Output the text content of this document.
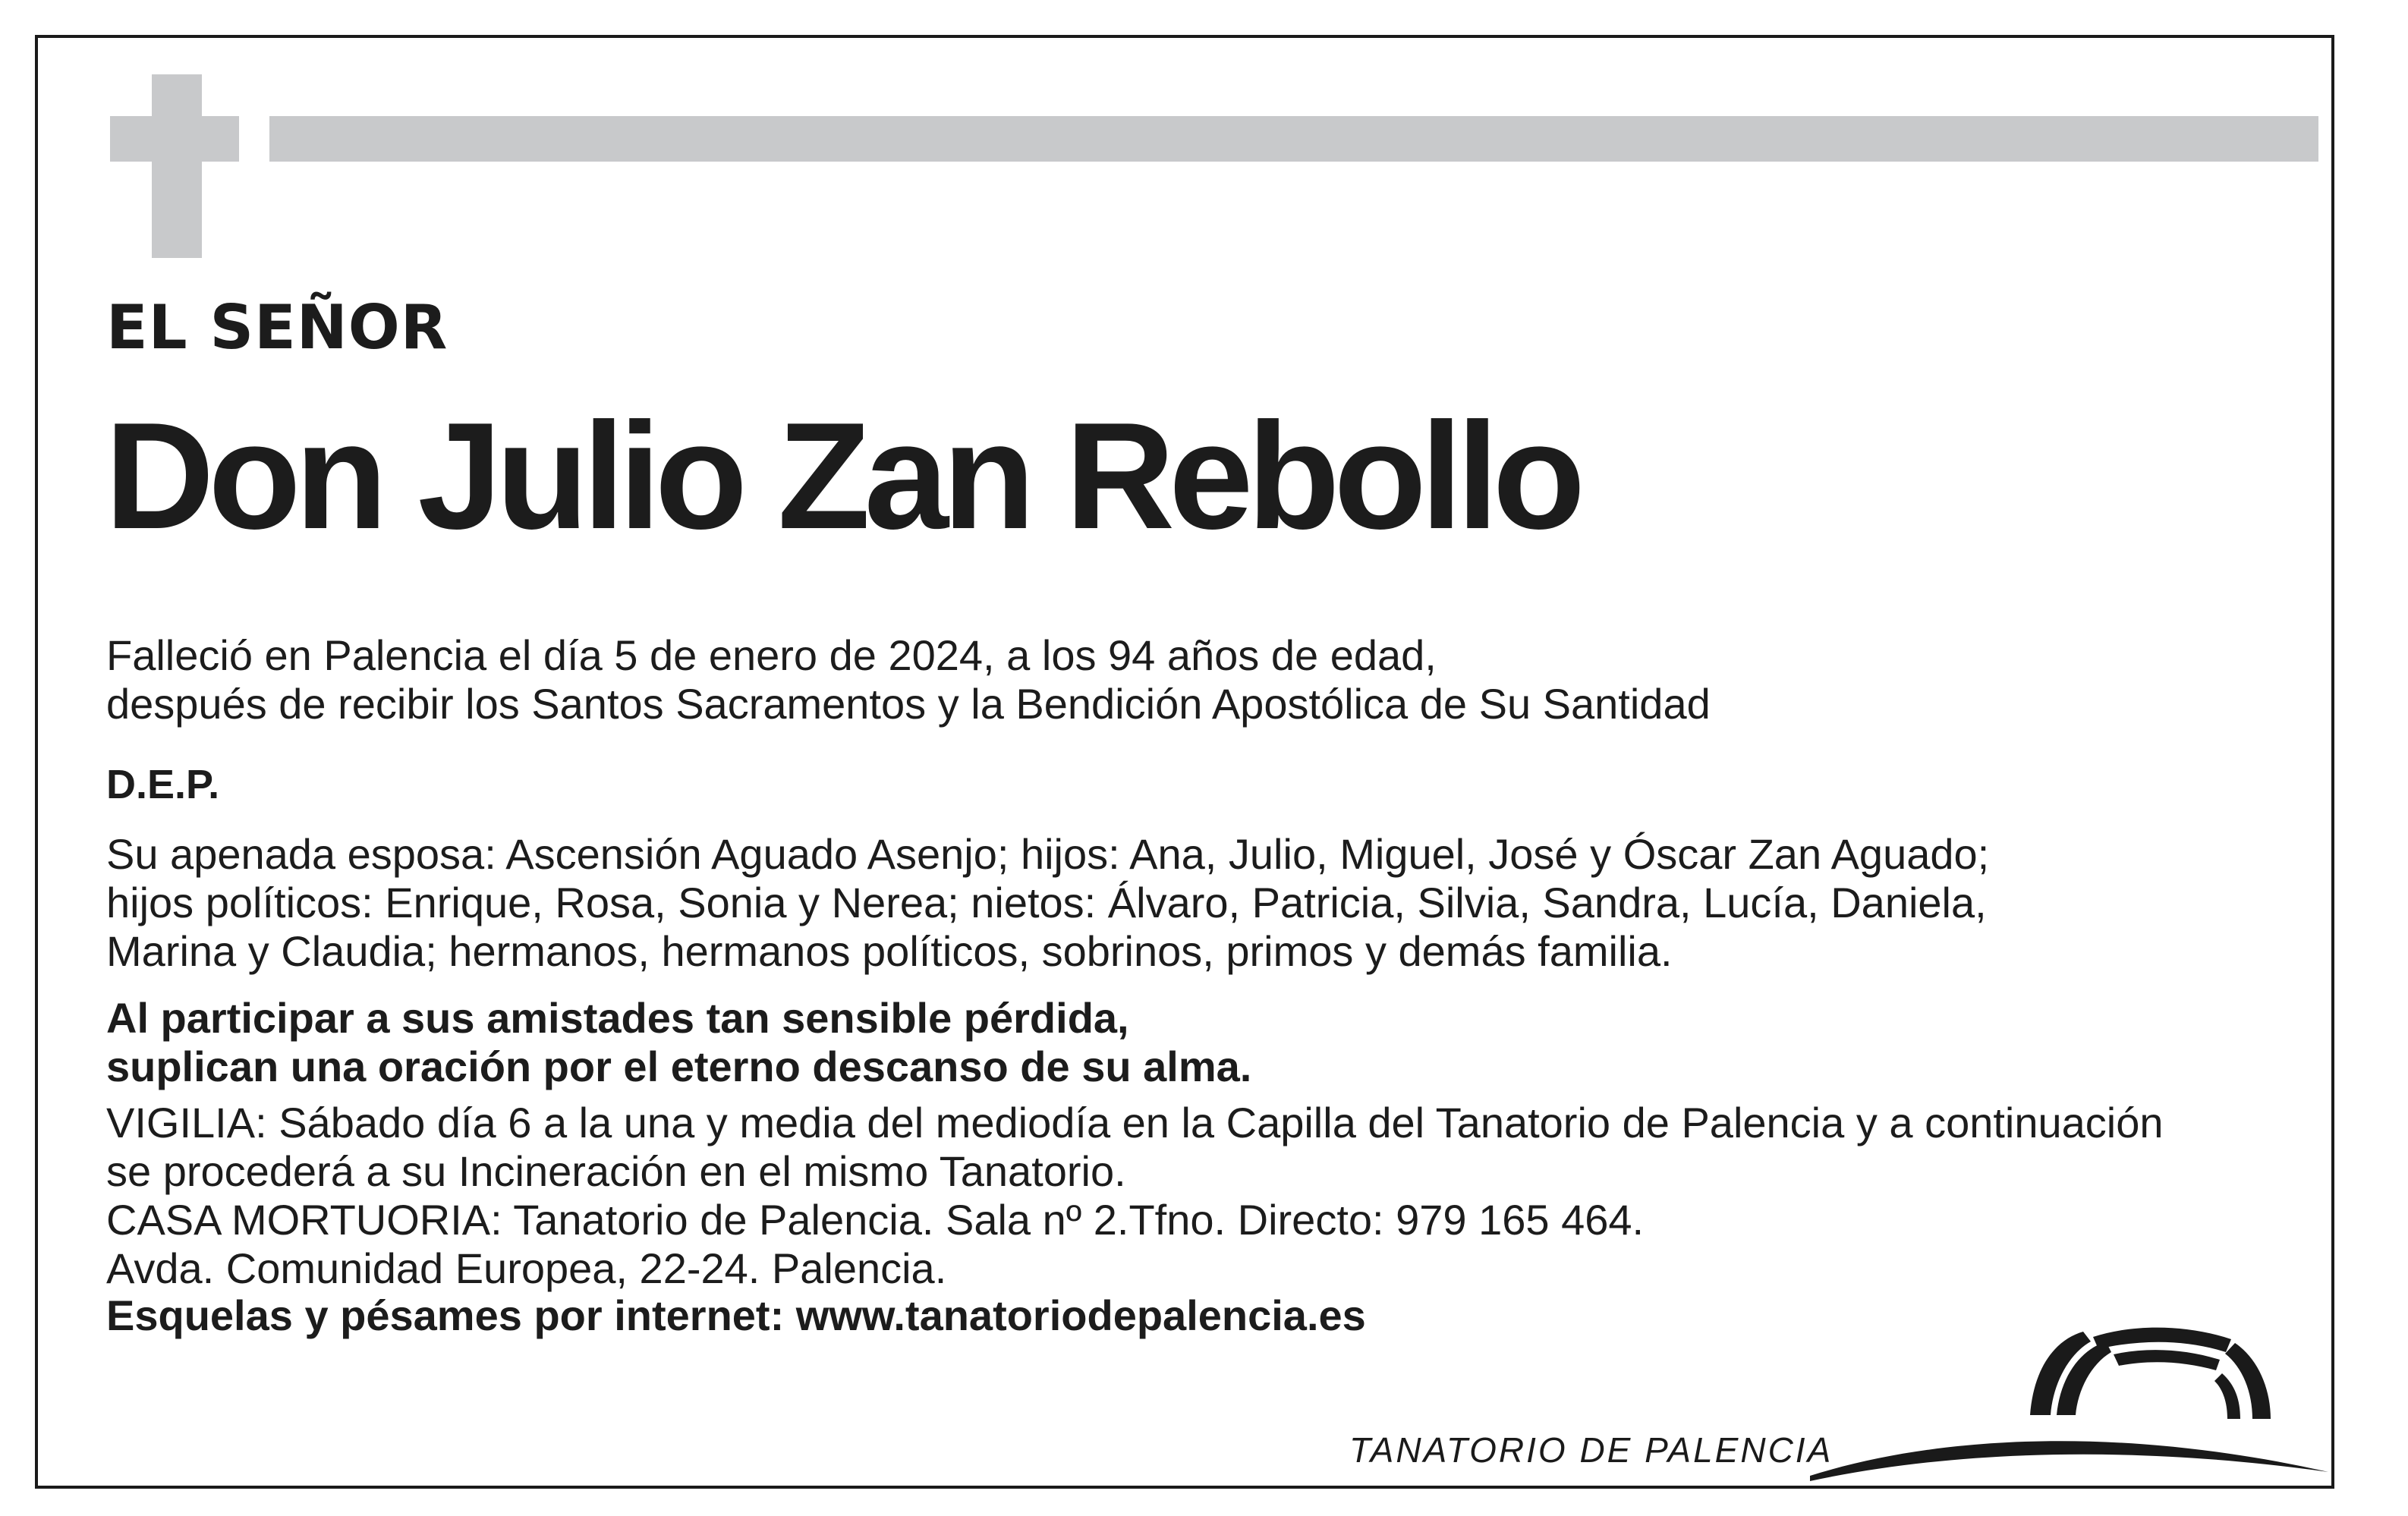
EL SEÑOR
Don Julio Zan Rebollo
Falleció en Palencia el día 5 de enero de 2024, a los 94 años de edad,
después de recibir los Santos Sacramentos y la Bendición Apostólica de Su Santidad
D.E.P.
Su apenada esposa: Ascensión Aguado Asenjo; hijos: Ana, Julio, Miguel, José y Óscar Zan Aguado;
hijos políticos: Enrique, Rosa, Sonia y Nerea; nietos: Álvaro, Patricia, Silvia, Sandra, Lucía, Daniela,
Marina y Claudia; hermanos, hermanos políticos, sobrinos, primos y demás familia.
Al participar a sus amistades tan sensible pérdida,
suplican una oración por el eterno descanso de su alma.
VIGILIA: Sábado día 6 a la una y media del mediodía en la Capilla del Tanatorio de Palencia y a continuación
se procederá a su Incineración en el mismo Tanatorio.
CASA MORTUORIA: Tanatorio de Palencia. Sala nº 2.Tfno. Directo: 979 165 464.
Avda. Comunidad Europea, 22-24. Palencia.
Esquelas y pésames por internet: www.tanatoriodepalencia.es
TANATORIO DE PALENCIA
